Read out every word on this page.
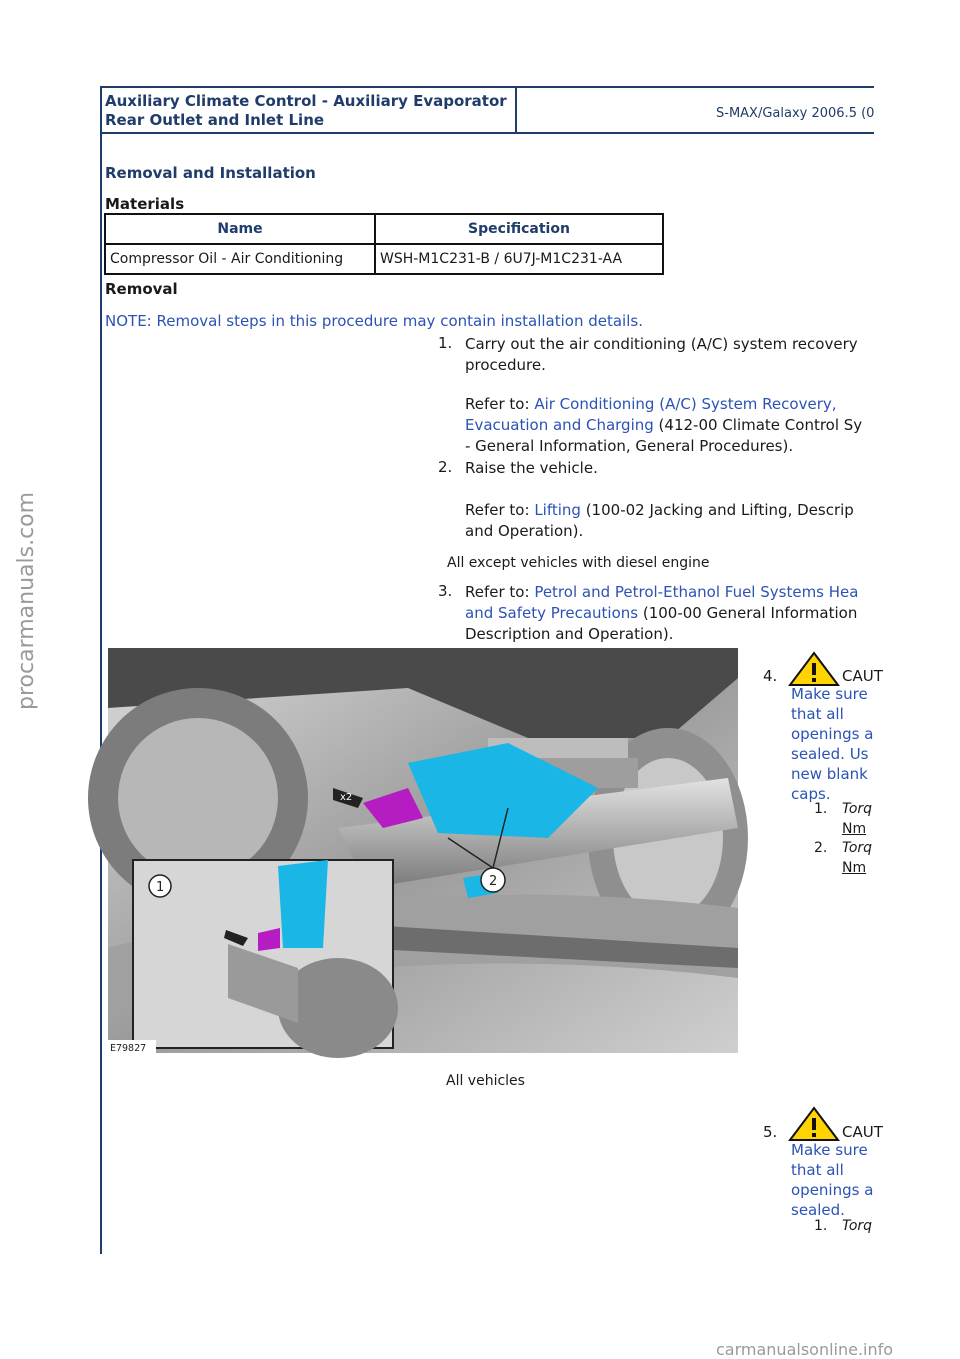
Auxiliary Climate Control - Auxiliary Evaporator Rear Outlet and Inlet Line	S-MAX/Galaxy 2006.5 (0
Removal and Installation
Materials
Name	Specification
Compressor Oil - Air Conditioning	WSH-M1C231-B / 6U7J-M1C231-AA
Removal
NOTE: Removal steps in this procedure may contain installation details.
1. Carry out the air conditioning (A/C) system recovery
procedure.
Refer to: Air Conditioning (A/C) System Recovery,
Evacuation and Charging (412-00 Climate Control Sy
- General Information, General Procedures).
2. Raise the vehicle.
Refer to: Lifting (100-02 Jacking and Lifting, Descrip
and Operation).
All except vehicles with diesel engine
3. Refer to: Petrol and Petrol-Ethanol Fuel Systems Hea
and Safety Precautions (100-00 General Information
Description and Operation).
x2
2
1
E79827
4.	CAUT
Make sure
that all
openings a
sealed. Us
new blank
caps.
1. Torq
Nm
2. Torq
Nm
All vehicles
5.	CAUT
Make sure
that all
openings a
sealed.
1. Torq
procarmanuals.com
carmanualsonline.info
